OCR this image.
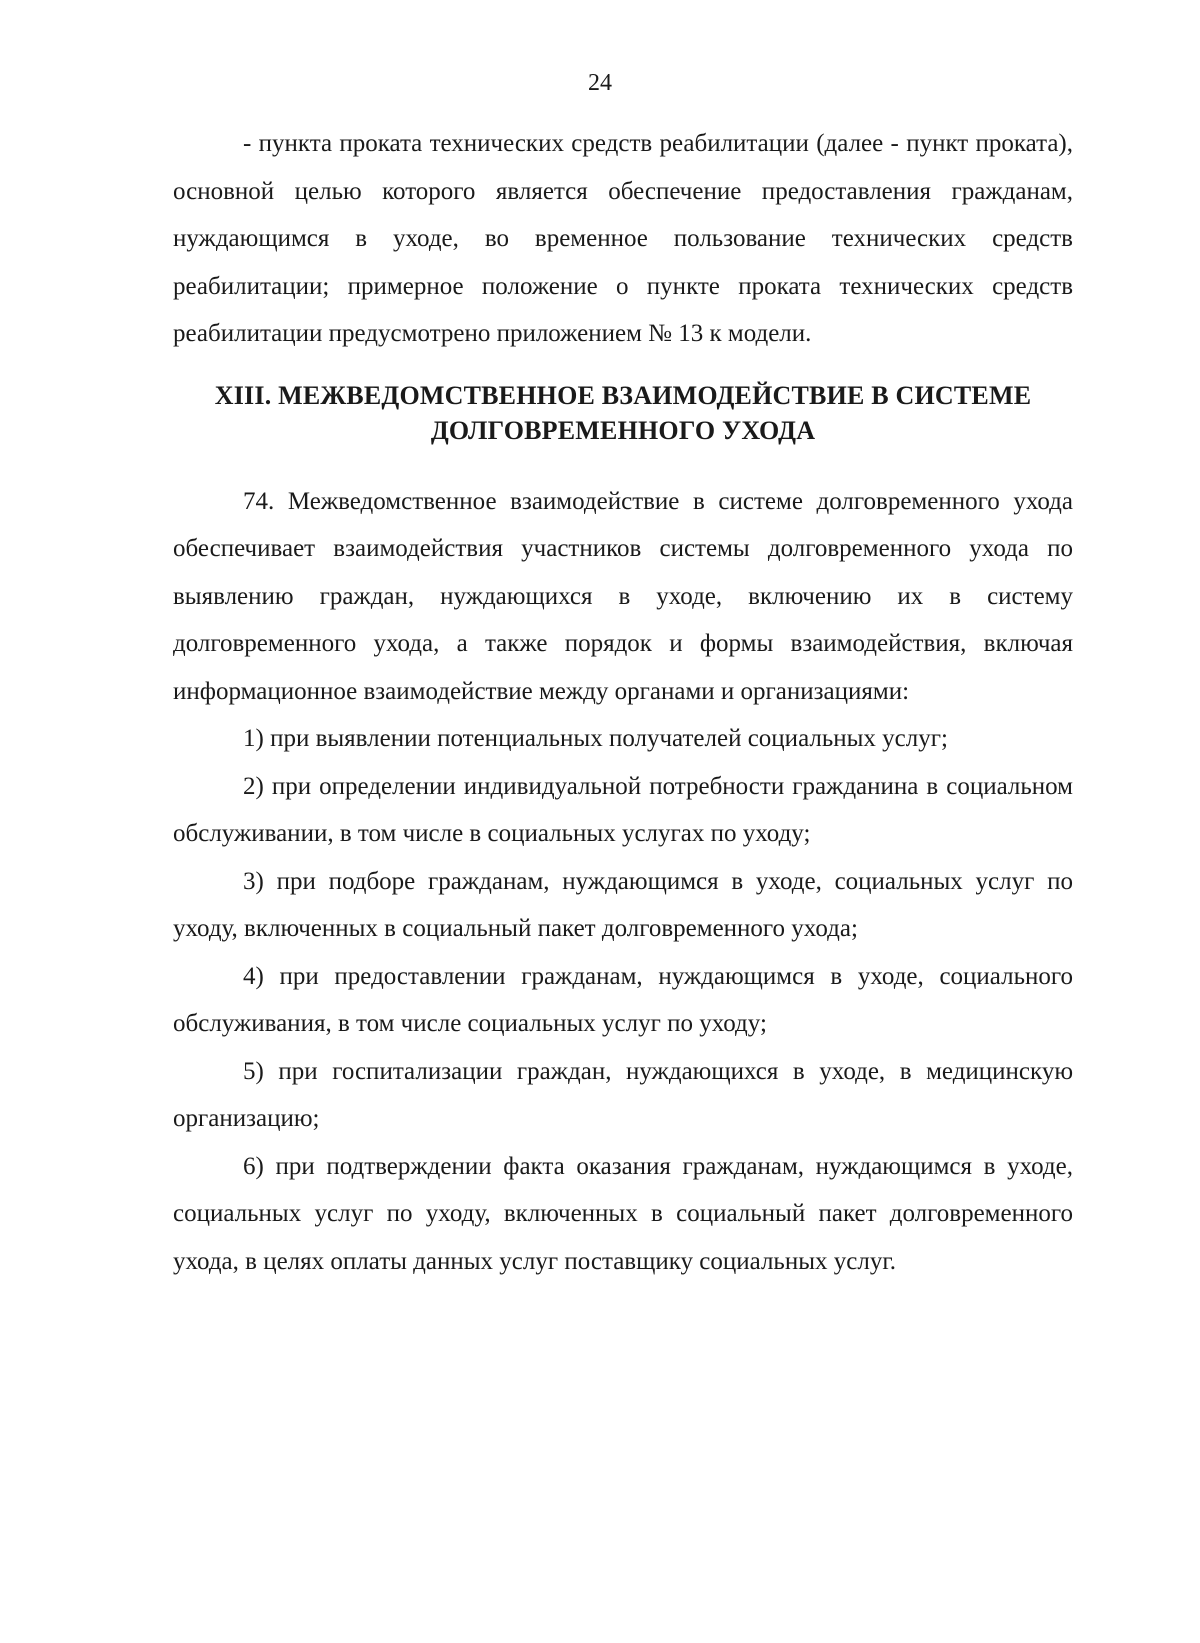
24

- пункта проката технических средств реабилитации (далее - пункт проката), основной целью которого является обеспечение предоставления гражданам, нуждающимся в уходе, во временное пользование технических средств реабилитации; примерное положение о пункте проката технических средств реабилитации предусмотрено приложением № 13 к модели.

XIII. МЕЖВЕДОМСТВЕННОЕ ВЗАИМОДЕЙСТВИЕ В СИСТЕМЕ
ДОЛГОВРЕМЕННОГО УХОДА

74. Межведомственное взаимодействие в системе долговременного ухода обеспечивает взаимодействия участников системы долговременного ухода по выявлению граждан, нуждающихся в уходе, включению их в систему долговременного ухода, а также порядок и формы взаимодействия, включая информационное взаимодействие между органами и организациями:

1) при выявлении потенциальных получателей социальных услуг;

2) при определении индивидуальной потребности гражданина в социальном обслуживании, в том числе в социальных услугах по уходу;

3) при подборе гражданам, нуждающимся в уходе, социальных услуг по уходу, включенных в социальный пакет долговременного ухода;

4) при предоставлении гражданам, нуждающимся в уходе, социального обслуживания, в том числе социальных услуг по уходу;

5) при госпитализации граждан, нуждающихся в уходе, в медицинскую организацию;

6) при подтверждении факта оказания гражданам, нуждающимся в уходе, социальных услуг по уходу, включенных в социальный пакет долговременного ухода, в целях оплаты данных услуг поставщику социальных услуг.
